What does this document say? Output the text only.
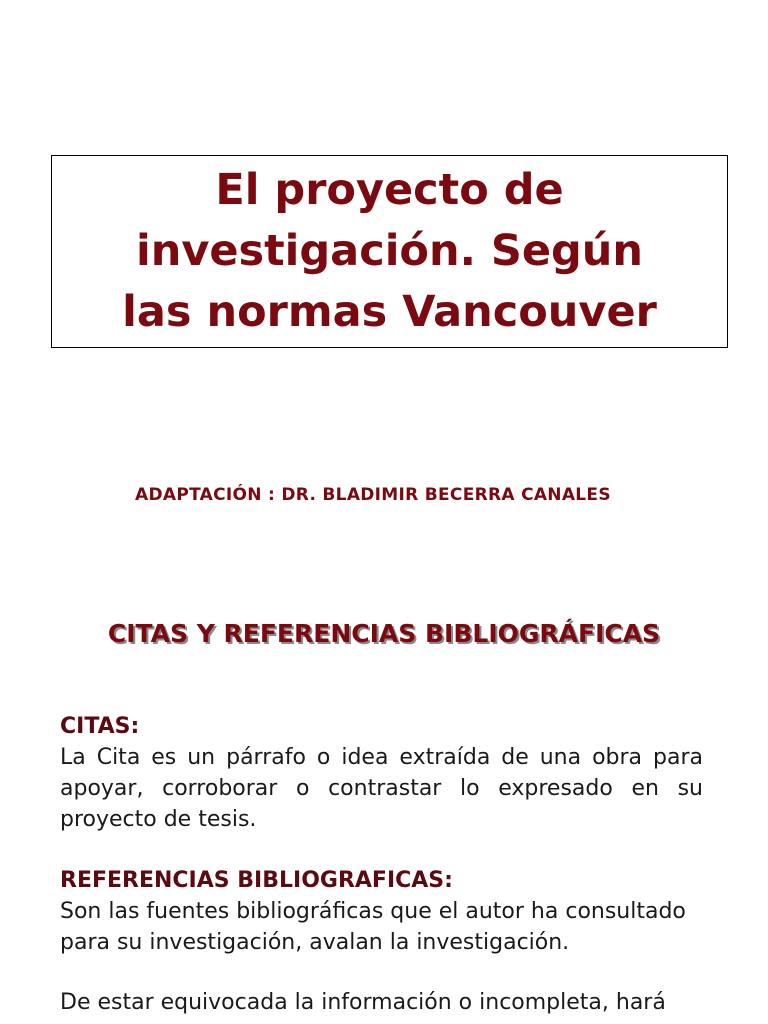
El proyecto de
investigación. Según
las normas Vancouver
ADAPTACIÓN : DR. BLADIMIR BECERRA CANALES
CITAS Y REFERENCIAS BIBLIOGRÁFICAS
CITAS:
La Cita es un párrafo o idea extraída de una obra para apoyar, corroborar o contrastar lo expresado en su proyecto de tesis.
REFERENCIAS BIBLIOGRAFICAS:
Son las fuentes bibliográficas que el autor ha consultado para su investigación, avalan la investigación.
De estar equivocada la información o incompleta, hará
